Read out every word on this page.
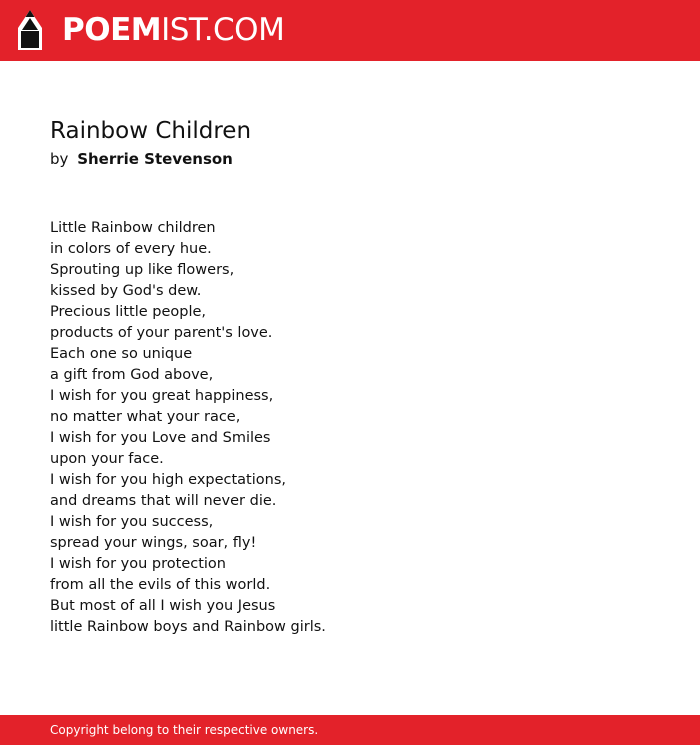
POEMIST.COM
Rainbow Children
by Sherrie Stevenson
Little Rainbow children
in colors of every hue.
Sprouting up like flowers,
kissed by God's dew.
Precious little people,
products of your parent's love.
Each one so unique
a gift from God above,
I wish for you great happiness,
no matter what your race,
I wish for you Love and Smiles
upon your face.
I wish for you high expectations,
and dreams that will never die.
I wish for you success,
spread your wings, soar, fly!
I wish for you protection
from all the evils of this world.
But most of all I wish you Jesus
little Rainbow boys and Rainbow girls.
Copyright belong to their respective owners.
